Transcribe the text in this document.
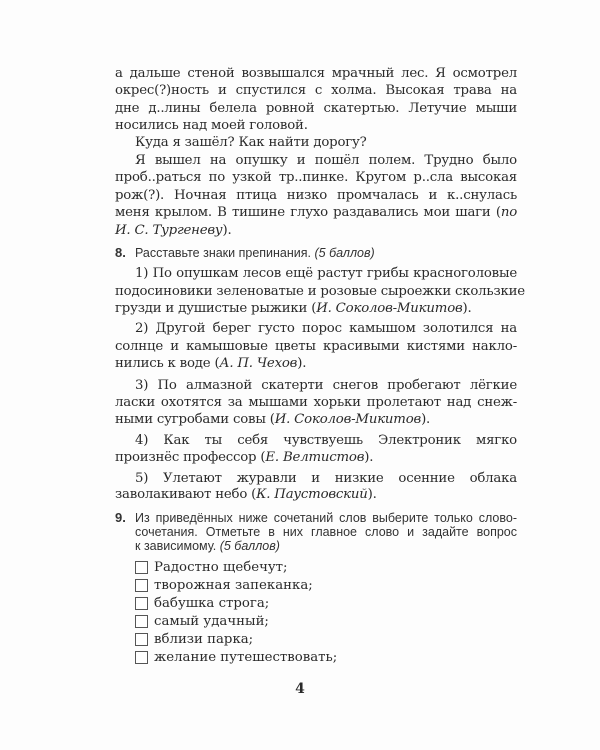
а дальше стеной возвышался мрачный лес. Я осмотрел
окрес(?)ность и спустился с холма. Высокая трава на
дне д..лины белела ровной скатертью. Летучие мыши
носились над моей головой.
Куда я зашёл? Как найти дорогу?
Я вышел на опушку и пошёл полем. Трудно было
проб..раться по узкой тр..пинке. Кругом р..сла высокая
рож(?). Ночная птица низко промчалась и к..снулась
меня крылом. В тишине глухо раздавались мои шаги (по
И. С. Тургеневу).
8. Расставьте знаки препинания. (5 баллов)
1) По опушкам лесов ещё растут грибы красноголовые
подосиновики зеленоватые и розовые сыроежки скользкие
грузди и душистые рыжики (И. Соколов-Микитов).
2) Другой берег густо порос камышом золотился на
солнце и камышовые цветы красивыми кистями накло-
нились к воде (А. П. Чехов).
3) По алмазной скатерти снегов пробегают лёгкие
ласки охотятся за мышами хорьки пролетают над снеж-
ными сугробами совы (И. Соколов-Микитов).
4) Как ты себя чувствуешь Электроник мягко
произнёс профессор (Е. Велтистов).
5) Улетают журавли и низкие осенние облака
заволакивают небо (К. Паустовский).
9. Из приведённых ниже сочетаний слов выберите только слово-
сочетания. Отметьте в них главное слово и задайте вопрос
к зависимому. (5 баллов)
Радостно щебечут;
творожная запеканка;
бабушка строга;
самый удачный;
вблизи парка;
желание путешествовать;
4
